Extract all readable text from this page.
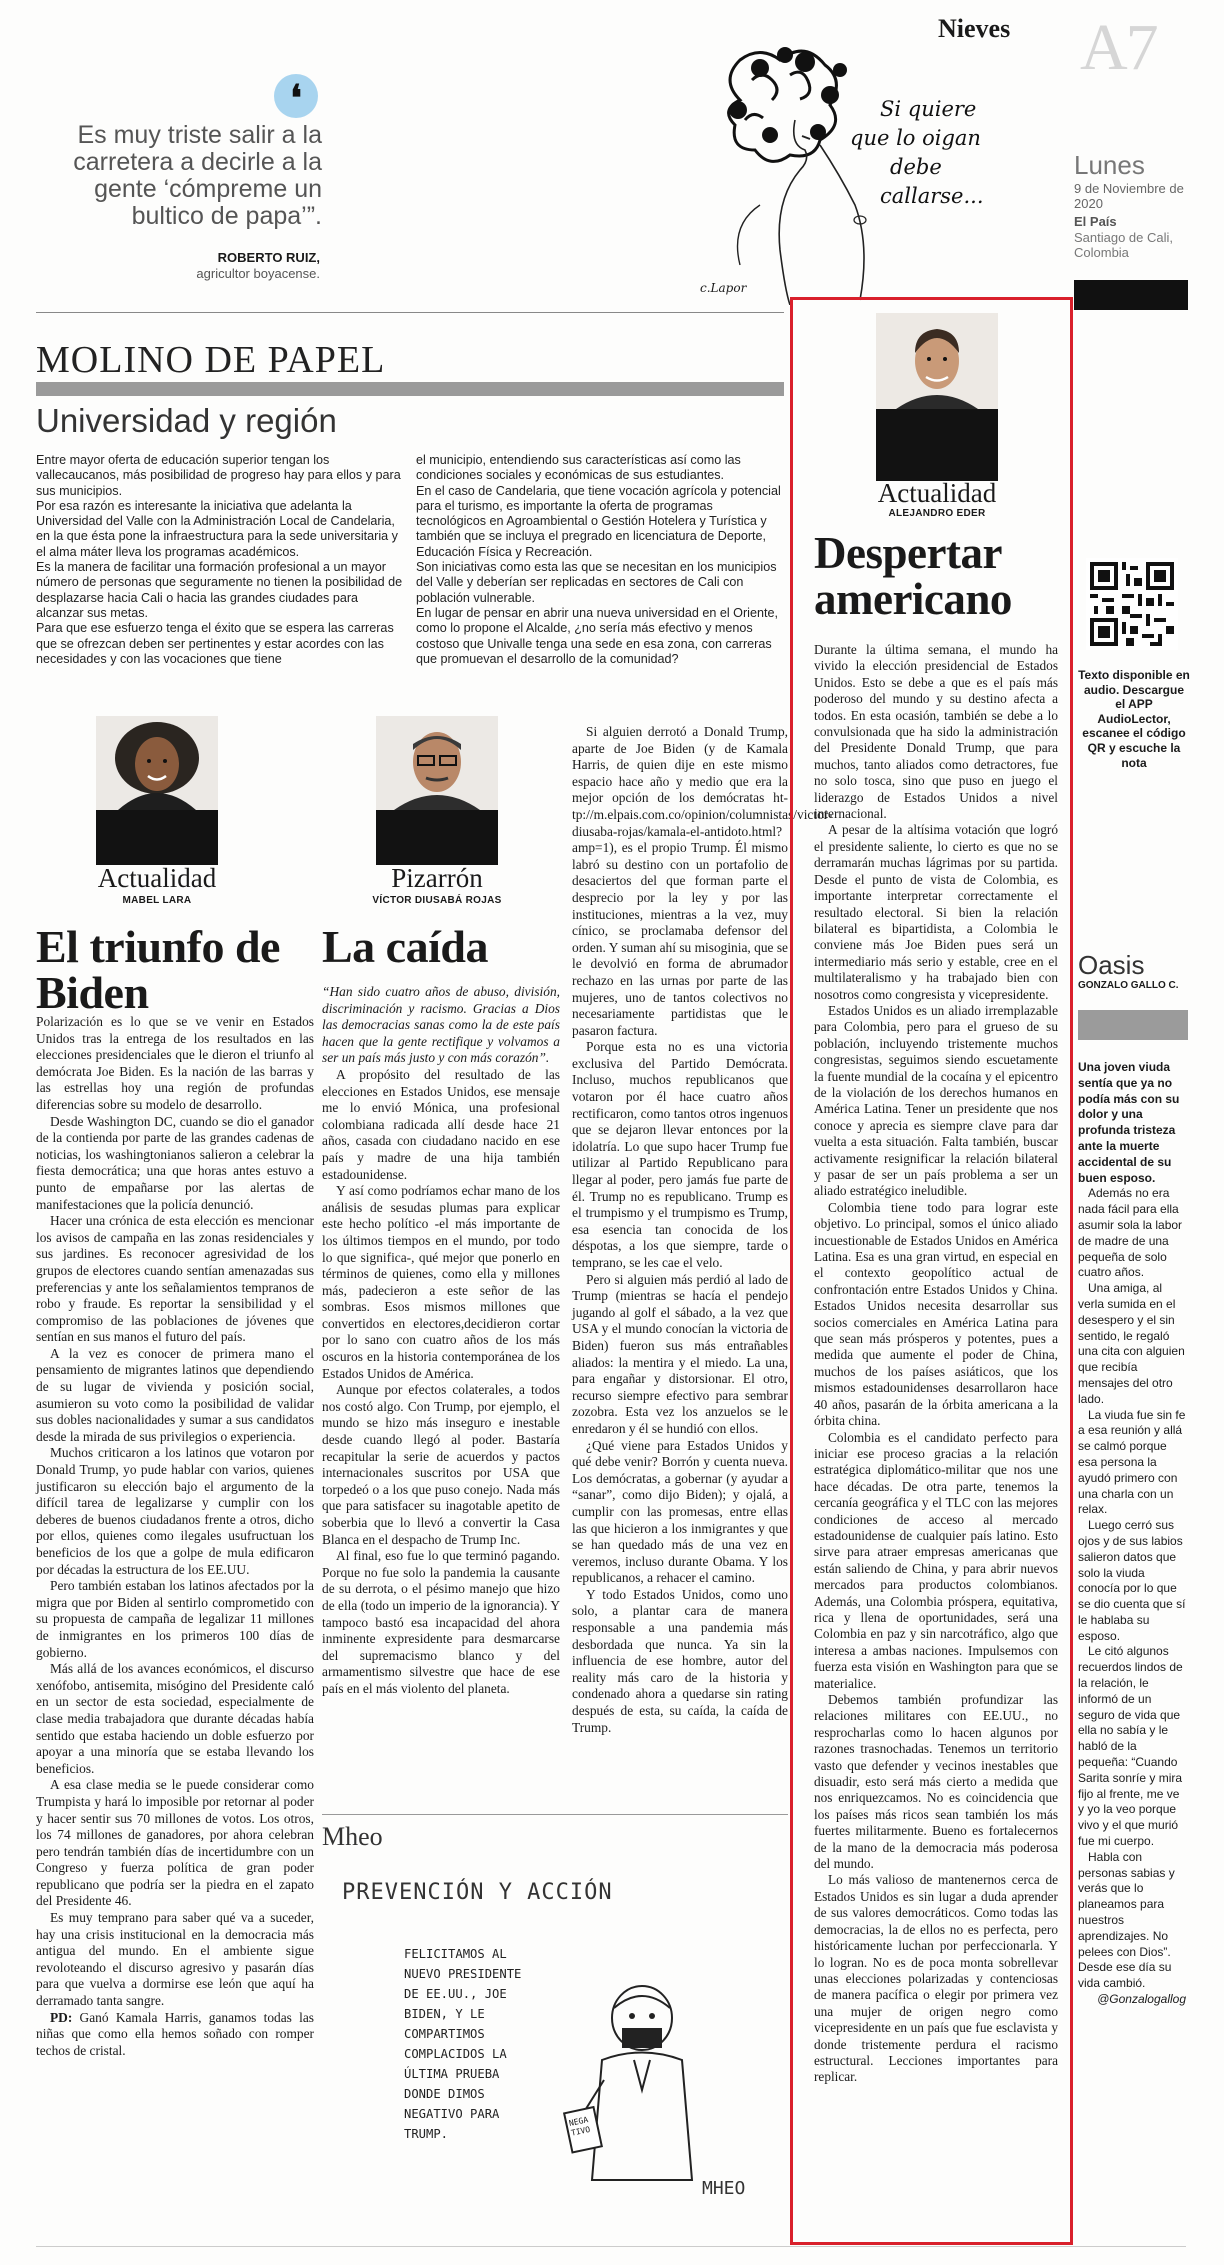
Nieves A7
Lunes
9 de Noviembre de 2020
El País
Santiago de Cali, Colombia
❛
Es muy triste salir a la carretera a decirle a la gente ‘cómpreme un bultico de papa’”.
ROBERTO RUIZ,
agricultor boyacense.
Si quiere
que lo oigan
debe
callarse...
c.Lapor
MOLINO DE PAPEL
Universidad y región
Entre mayor oferta de educación superior tengan los vallecaucanos, más posibilidad de progreso hay para ellos y para sus municipios.
Por esa razón es interesante la iniciativa que adelanta la Universidad del Valle con la Administración Local de Candelaria, en la que ésta pone la infraestructura para la sede universitaria y el alma máter lleva los programas académicos.
Es la manera de facilitar una formación profesional a un mayor número de personas que seguramente no tienen la posibilidad de desplazarse hacia Cali o hacia las grandes ciudades para alcanzar sus metas.
Para que ese esfuerzo tenga el éxito que se espera las carreras que se ofrezcan deben ser pertinentes y estar acordes con las necesidades y con las vocaciones que tiene
el municipio, entendiendo sus características así como las condiciones sociales y económicas de sus estudiantes.
En el caso de Candelaria, que tiene vocación agrícola y potencial para el turismo, es importante la oferta de programas tecnológicos en Agroambiental o Gestión Hotelera y Turística y también que se incluya el pregrado en licenciatura de Deporte, Educación Física y Recreación.
Son iniciativas como esta las que se necesitan en los municipios del Valle y deberían ser replicadas en sectores de Cali con población vulnerable.
En lugar de pensar en abrir una nueva universidad en el Oriente, como lo propone el Alcalde, ¿no sería más efectivo y menos costoso que Univalle tenga una sede en esa zona, con carreras que promuevan el desarrollo de la comunidad?
Actualidad
MABEL LARA
El triunfo de Biden

Polarización es lo que se ve venir en Estados Unidos tras la entrega de los resultados en las elecciones presidenciales que le dieron el triunfo al demócrata Joe Biden. Es la nación de las barras y las estrellas hoy una región de profundas diferencias sobre su modelo de desarrollo.

Desde Washington DC, cuando se dio el ganador de la contienda por parte de las grandes cadenas de noticias, los washingtonianos salieron a celebrar la fiesta democrática; una que horas antes estuvo a punto de empañarse por las alertas de manifestaciones que la policía denunció.

Hacer una crónica de esta elección es mencionar los avisos de campaña en las zonas residenciales y sus jardines. Es reconocer agresividad de los grupos de electores cuando sentían amenazadas sus preferencias y ante los señalamientos tempranos de robo y fraude. Es reportar la sensibilidad y el compromiso de las poblaciones de jóvenes que sentían en sus manos el futuro del país.

A la vez es conocer de primera mano el pensamiento de migrantes latinos que dependiendo de su lugar de vivienda y posición social, asumieron su voto como la posibilidad de validar sus dobles nacionalidades y sumar a sus candidatos desde la mirada de sus privilegios o experiencia.

Muchos criticaron a los latinos que votaron por Donald Trump, yo pude hablar con varios, quienes justificaron su elección bajo el argumento de la difícil tarea de legalizarse y cumplir con los deberes de buenos ciudadanos frente a otros, dicho por ellos, quienes como ilegales usufructuan los beneficios de los que a golpe de mula edificaron por décadas la estructura de los EE.UU.

Pero también estaban los latinos afectados por la migra que por Biden al sentirlo comprometido con su propuesta de campaña de legalizar 11 millones de inmigrantes en los primeros 100 días de gobierno.

Más allá de los avances económicos, el discurso xenófobo, antisemita, misógino del Presidente caló en un sector de esta sociedad, especialmente de clase media trabajadora que durante décadas había sentido que estaba haciendo un doble esfuerzo por apoyar a una minoría que se estaba llevando los beneficios.

A esa clase media se le puede considerar como Trumpista y hará lo imposible por retornar al poder y hacer sentir sus 70 millones de votos. Los otros, los 74 millones de ganadores, por ahora celebran pero tendrán también días de incertidumbre con un Congreso y fuerza política de gran poder republicano que podría ser la piedra en el zapato del Presidente 46.

Es muy temprano para saber qué va a suceder, hay una crisis institucional en la democracia más antigua del mundo. En el ambiente sigue revoloteando el discurso agresivo y pasarán días para que vuelva a dormirse ese león que aquí ha derramado tanta sangre.

PD: Ganó Kamala Harris, ganamos todas las niñas que como ella hemos soñado con romper techos de cristal.

Pizarrón
VÍCTOR DIUSABÁ ROJAS
La caída

“Han sido cuatro años de abuso, división, discriminación y racismo. Gracias a Dios las democracias sanas como la de este país hacen que la gente rectifique y volvamos a ser un país más justo y con más corazón”.

A propósito del resultado de las elecciones en Estados Unidos, ese mensaje me lo envió Mónica, una profesional colombiana radicada allí desde hace 21 años, casada con ciudadano nacido en ese país y madre de una hija también estadounidense.

Y así como podríamos echar mano de los análisis de sesudas plumas para explicar este hecho político -el más importante de los últimos tiempos en el mundo, por todo lo que significa-, qué mejor que ponerlo en términos de quienes, como ella y millones más, padecieron a este señor de las sombras. Esos mismos millones que convertidos en electores,decidieron cortar por lo sano con cuatro años de los más oscuros en la historia contemporánea de los Estados Unidos de América.

Aunque por efectos colaterales, a todos nos costó algo. Con Trump, por ejemplo, el mundo se hizo más inseguro e inestable desde cuando llegó al poder. Bastaría recapitular la serie de acuerdos y pactos internacionales suscritos por USA que torpedeó o a los que puso conejo. Nada más que para satisfacer su inagotable apetito de soberbia que lo llevó a convertir la Casa Blanca en el despacho de Trump Inc.

Al final, eso fue lo que terminó pagando. Porque no fue solo la pandemia la causante de su derrota, o el pésimo manejo que hizo de ella (todo un imperio de la ignorancia). Y tampoco bastó esa incapacidad del ahora inminente expresidente para desmarcarse del supremacismo blanco y del armamentismo silvestre que hace de ese país en el más violento del planeta.

Si alguien derrotó a Donald Trump, aparte de Joe Biden (y de Kamala Harris, de quien dije en este mismo espacio hace año y medio que era la mejor opción de los demócratas ht-tp://m.elpais.com.co/opinion/columnistas/victor-diusaba-rojas/kamala-el-antidoto.html?amp=1), es el propio Trump. Él mismo labró su destino con un portafolio de desaciertos del que forman parte el desprecio por la ley y por las instituciones, mientras a la vez, muy cínico, se proclamaba defensor del orden. Y suman ahí su misoginia, que se le devolvió en forma de abrumador rechazo en las urnas por parte de las mujeres, uno de tantos colectivos no necesariamente partidistas que le pasaron factura.

Porque esta no es una victoria exclusiva del Partido Demócrata. Incluso, muchos republicanos que votaron por él hace cuatro años rectificaron, como tantos otros ingenuos que se dejaron llevar entonces por la idolatría. Lo que supo hacer Trump fue utilizar al Partido Republicano para llegar al poder, pero jamás fue parte de él. Trump no es republicano. Trump es el trumpismo y el trumpismo es Trump, esa esencia tan conocida de los déspotas, a los que siempre, tarde o temprano, se les cae el velo.

Pero si alguien más perdió al lado de Trump (mientras se hacía el pendejo jugando al golf el sábado, a la vez que USA y el mundo conocían la victoria de Biden) fueron sus más entrañables aliados: la mentira y el miedo. La una, para engañar y distorsionar. El otro, recurso siempre efectivo para sembrar zozobra. Esta vez los anzuelos se le enredaron y él se hundió con ellos.

¿Qué viene para Estados Unidos y qué debe venir? Borrón y cuenta nueva. Los demócratas, a gobernar (y ayudar a “sanar”, como dijo Biden); y ojalá, a cumplir con las promesas, entre ellas las que hicieron a los inmigrantes y que se han quedado más de una vez en veremos, incluso durante Obama. Y los republicanos, a rehacer el camino.

Y todo Estados Unidos, como uno solo, a plantar cara de manera responsable a una pandemia más desbordada que nunca. Ya sin la influencia de ese hombre, autor del reality más caro de la historia y condenado ahora a quedarse sin rating después de esta, su caída, la caída de Trump.

Mheo
PREVENCIÓN Y ACCIÓN
FELICITAMOS AL
NUEVO PRESIDENTE
DE EE.UU., JOE
BIDEN, Y LE
COMPARTIMOS
COMPLACIDOS LA
ÚLTIMA PRUEBA
DONDE DIMOS
NEGATIVO PARA
TRUMP.
NEGA TIVO
MHEO
Actualidad
ALEJANDRO EDER
Despertar americano

Durante la última semana, el mundo ha vivido la elección presidencial de Estados Unidos. Esto se debe a que es el país más poderoso del mundo y su destino afecta a todos. En esta ocasión, también se debe a lo convulsionada que ha sido la administración del Presidente Donald Trump, que para muchos, tanto aliados como detractores, fue no solo tosca, sino que puso en juego el liderazgo de Estados Unidos a nivel internacional.

A pesar de la altísima votación que logró el presidente saliente, lo cierto es que no se derramarán muchas lágrimas por su partida. Desde el punto de vista de Colombia, es importante interpretar correctamente el resultado electoral. Si bien la relación bilateral es bipartidista, a Colombia le conviene más Joe Biden pues será un intermediario más serio y estable, cree en el multilateralismo y ha trabajado bien con nosotros como congresista y vicepresidente.

Estados Unidos es un aliado irremplazable para Colombia, pero para el grueso de su población, incluyendo tristemente muchos congresistas, seguimos siendo escuetamente la fuente mundial de la cocaína y el epicentro de la violación de los derechos humanos en América Latina. Tener un presidente que nos conoce y aprecia es siempre clave para dar vuelta a esta situación. Falta también, buscar activamente resignificar la relación bilateral y pasar de ser un país problema a ser un aliado estratégico ineludible.

Colombia tiene todo para lograr este objetivo. Lo principal, somos el único aliado incuestionable de Estados Unidos en América Latina. Esa es una gran virtud, en especial en el contexto geopolítico actual de confrontación entre Estados Unidos y China. Estados Unidos necesita desarrollar sus socios comerciales en América Latina para que sean más prósperos y potentes, pues a medida que aumente el poder de China, muchos de los países asiáticos, que los mismos estadounidenses desarrollaron hace 40 años, pasarán de la órbita americana a la órbita china.

Colombia es el candidato perfecto para iniciar ese proceso gracias a la relación estratégica diplomático-militar que nos une hace décadas. De otra parte, tenemos la cercanía geográfica y el TLC con las mejores condiciones de acceso al mercado estadounidense de cualquier país latino. Esto sirve para atraer empresas americanas que están saliendo de China, y para abrir nuevos mercados para productos colombianos. Además, una Colombia próspera, equitativa, rica y llena de oportunidades, será una Colombia en paz y sin narcotráfico, algo que interesa a ambas naciones. Impulsemos con fuerza esta visión en Washington para que se materialice.

Debemos también profundizar las relaciones militares con EE.UU., no resprocharlas como lo hacen algunos por razones trasnochadas. Tenemos un territorio vasto que defender y vecinos inestables que disuadir, esto será más cierto a medida que nos enriquezcamos. No es coincidencia que los países más ricos sean también los más fuertes militarmente. Bueno es fortalecernos de la mano de la democracia más poderosa del mundo.

Lo más valioso de mantenernos cerca de Estados Unidos es sin lugar a duda aprender de sus valores democráticos. Como todas las democracias, la de ellos no es perfecta, pero históricamente luchan por perfeccionarla. Y lo logran. No es de poca monta sobrellevar unas elecciones polarizadas y contenciosas de manera pacífica o elegir por primera vez una mujer de origen negro como vicepresidente en un país que fue esclavista y donde tristemente perdura el racismo estructural. Lecciones importantes para replicar.

Texto disponible en audio. Descargue el APP AudioLector, escanee el código QR y escuche la nota
Oasis
GONZALO GALLO C.

Una joven viuda sentía que ya no podía más con su dolor y una profunda tristeza ante la muerte accidental de su buen esposo.

Además no era nada fácil para ella asumir sola la labor de madre de una pequeña de solo cuatro años.

Una amiga, al verla sumida en el desespero y el sin sentido, le regaló una cita con alguien que recibía mensajes del otro lado.

La viuda fue sin fe a esa reunión y allá se calmó porque esa persona la ayudó primero con una charla con un relax.

Luego cerró sus ojos y de sus labios salieron datos que solo la viuda conocía por lo que se dio cuenta que sí le hablaba su esposo.

Le citó algunos recuerdos lindos de la relación, le informó de un seguro de vida que ella no sabía y le habló de la pequeña: “Cuando Sarita sonríe y mira fijo al frente, me ve y yo la veo porque vivo y el que murió fue mi cuerpo.

Habla con personas sabias y verás que lo planeamos para nuestros aprendizajes. No pelees con Dios”. Desde ese día su vida cambió.

@Gonzalogallog
